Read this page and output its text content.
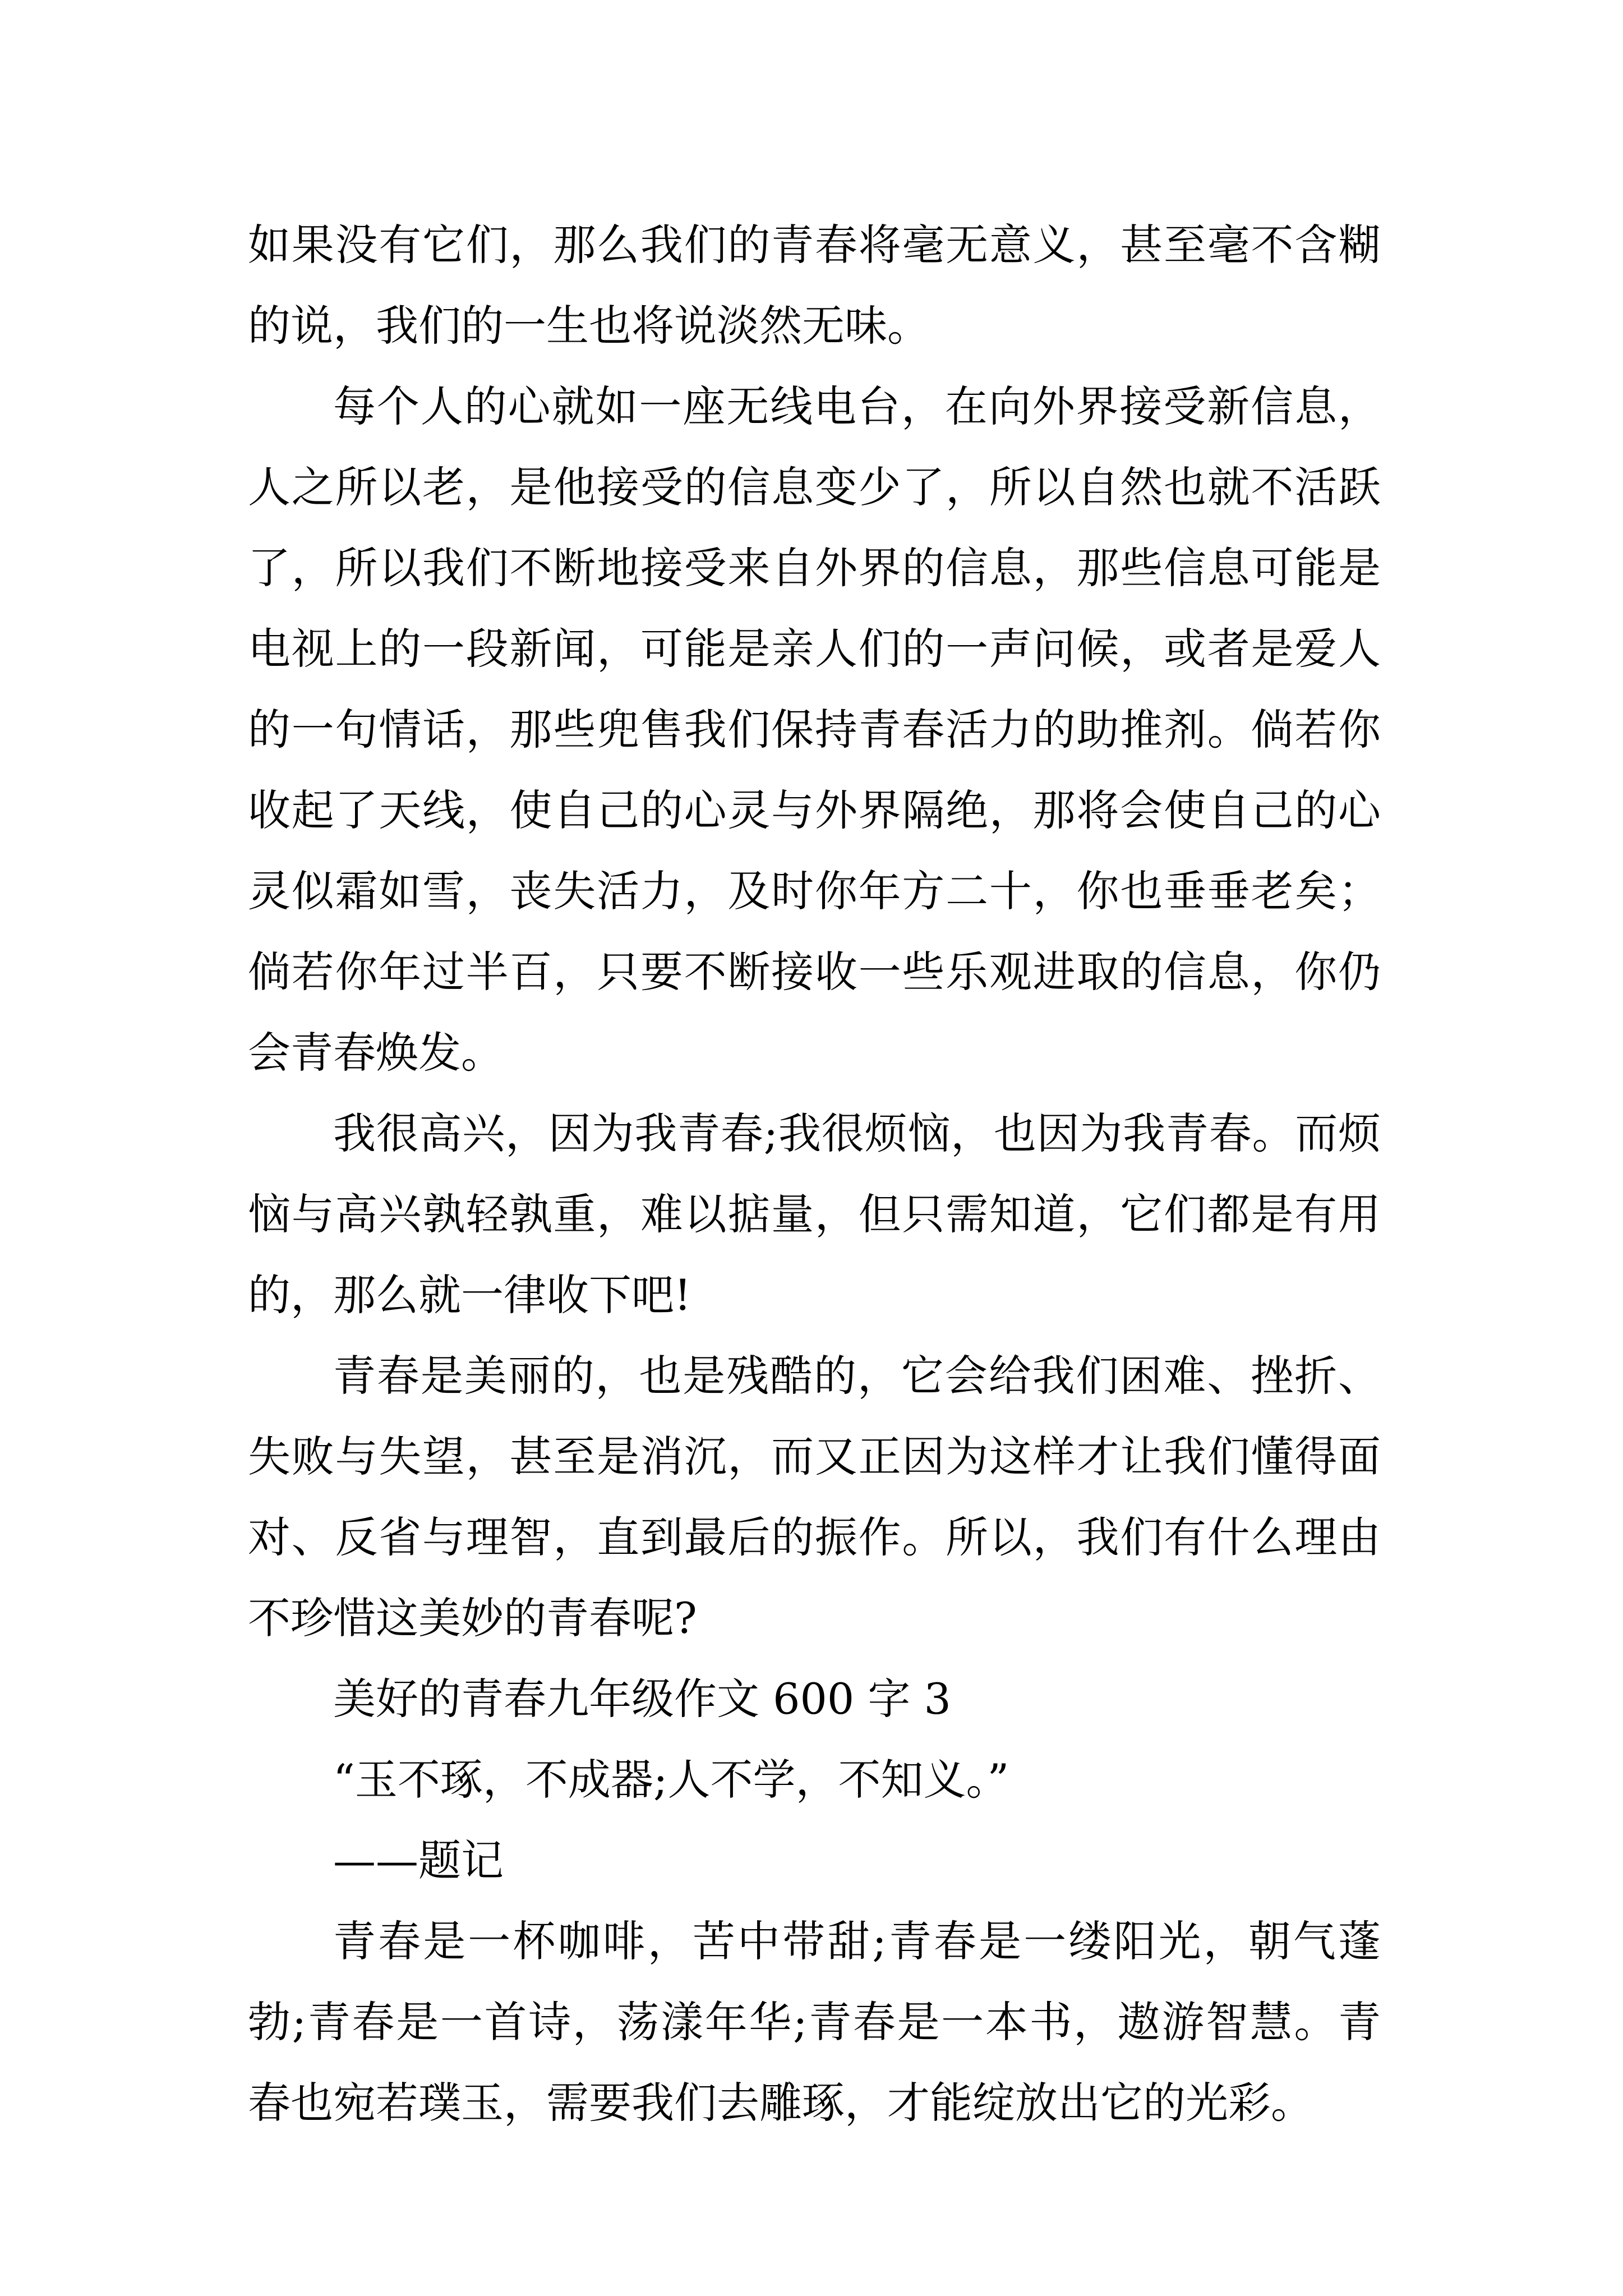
如果没有它们，那么我们的青春将毫无意义，甚至毫不含糊的说，我们的一生也将说淡然无味。

每个人的心就如一座无线电台，在向外界接受新信息，人之所以老，是他接受的信息变少了，所以自然也就不活跃了，所以我们不断地接受来自外界的信息，那些信息可能是电视上的一段新闻，可能是亲人们的一声问候，或者是爱人的一句情话，那些兜售我们保持青春活力的助推剂。倘若你收起了天线，使自己的心灵与外界隔绝，那将会使自己的心灵似霜如雪，丧失活力，及时你年方二十，你也垂垂老矣；倘若你年过半百，只要不断接收一些乐观进取的信息，你仍会青春焕发。

我很高兴，因为我青春;我很烦恼，也因为我青春。而烦恼与高兴孰轻孰重，难以掂量，但只需知道，它们都是有用的，那么就一律收下吧!

青春是美丽的，也是残酷的，它会给我们困难、挫折、失败与失望，甚至是消沉，而又正因为这样才让我们懂得面对、反省与理智，直到最后的振作。所以，我们有什么理由不珍惜这美妙的青春呢?

美好的青春九年级作文 600 字 3

“玉不琢，不成器;人不学，不知义。”

——题记

青春是一杯咖啡，苦中带甜;青春是一缕阳光，朝气蓬勃;青春是一首诗，荡漾年华;青春是一本书，遨游智慧。青春也宛若璞玉，需要我们去雕琢，才能绽放出它的光彩。
